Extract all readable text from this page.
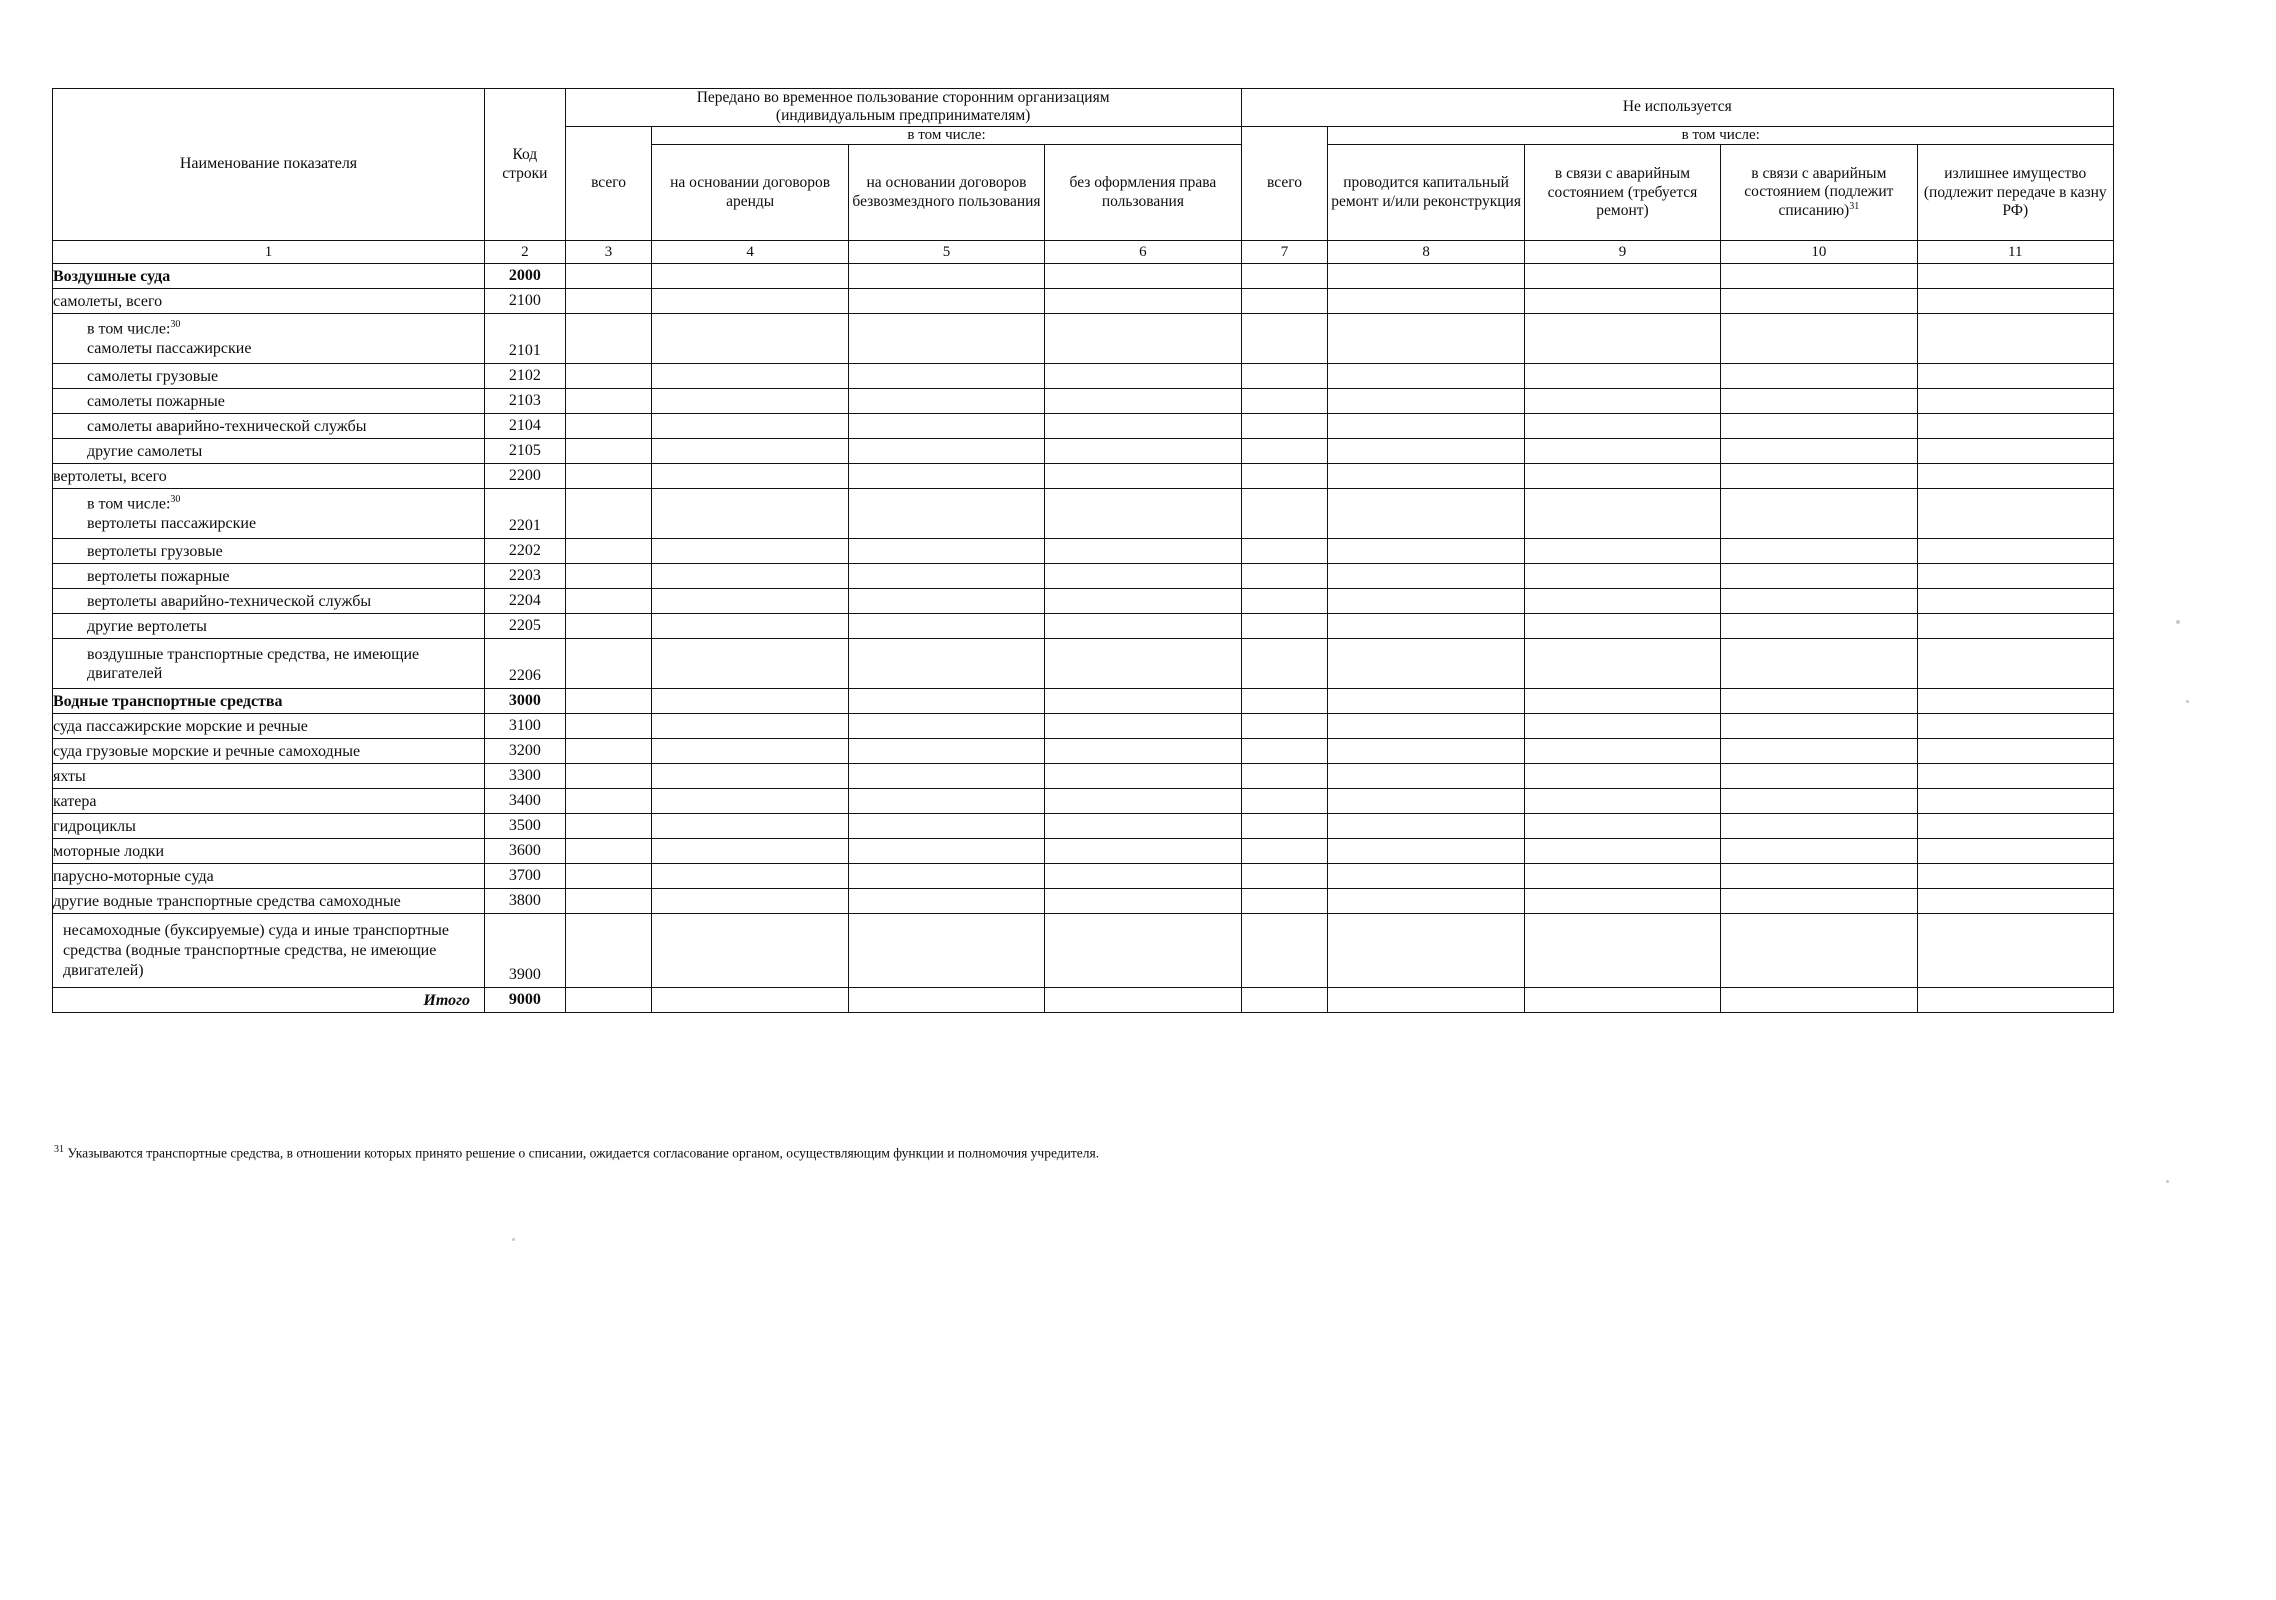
Наименование показателя	
Код
строки

Передано во временное пользование сторонним организациям
(индивидуальным предпринимателям)
	Не используется
		всего	в том числе:			всего	в том числе:			
			на основании договоров аренды	на основании договоров безвозмездного пользования	без оформления права пользования		проводится капитальный ремонт и/или реконструкция	в связи с аварийным состоянием (требуется ремонт)	в связи с аварийным состоянием (подлежит списанию)$^{31}$	излишнее имущество (подлежит передаче в казну РФ)

1	2	3	4	5	6	7	8	9	10	11
Воздушные суда	2000									
самолеты, всего	2100									

в том числе:$^{30}$
самолеты пассажирские	2101									
самолеты грузовые	2102									
самолеты пожарные	2103									
самолеты аварийно-технической службы	2104									
другие самолеты	2105									
вертолеты, всего	2200									

в том числе:$^{30}$
вертолеты пассажирские	2201									
вертолеты грузовые	2202									
вертолеты пожарные	2203									
вертолеты аварийно-технической службы	2204									
другие вертолеты	2205									
воздушные транспортные средства, не имеющие двигателей	2206									
Водные транспортные средства	3000									
суда пассажирские морские и речные	3100									
суда грузовые морские и речные самоходные	3200									
яхты	3300									
катера	3400									
гидроциклы	3500									
моторные лодки	3600									
парусно-моторные суда	3700									
другие водные транспортные средства самоходные	3800									
несамоходные (буксируемые) суда и иные транспортные средства (водные транспортные средства, не имеющие двигателей)	3900									
Итого	9000									
$^{31}$ Указываются транспортные средства, в отношении которых принято решение о списании, ожидается согласование органом, осуществляющим функции и полномочия учредителя.
